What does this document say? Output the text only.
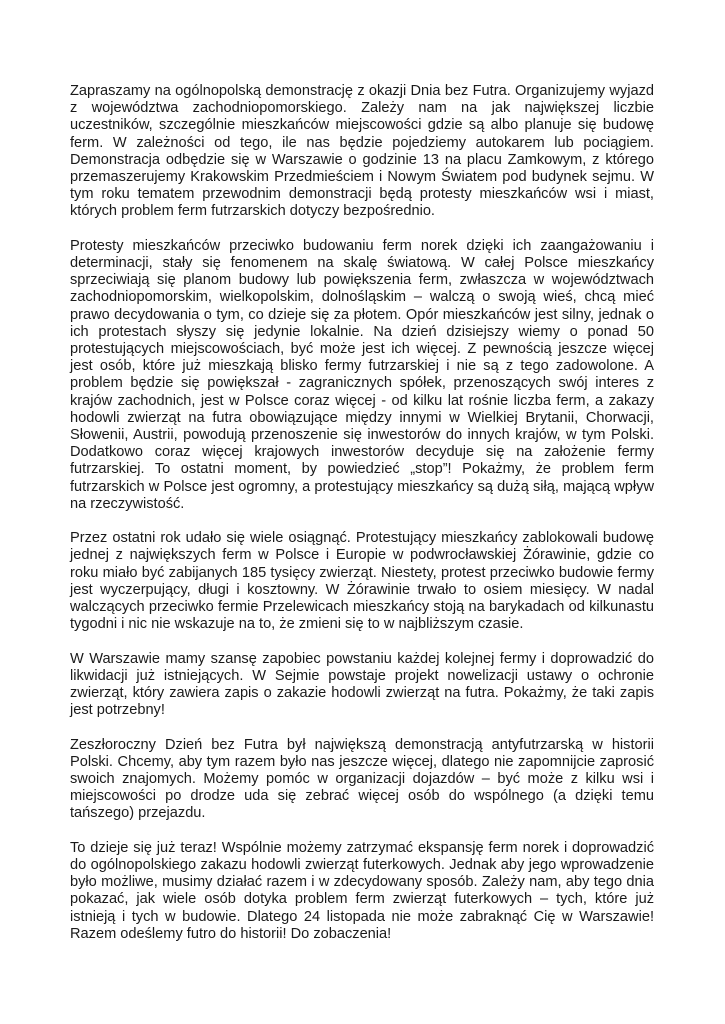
Zapraszamy na ogólnopolską demonstrację z okazji Dnia bez Futra. Organizujemy wyjazd z województwa zachodniopomorskiego. Zależy nam na jak największej liczbie uczestników, szczególnie mieszkańców miejscowości gdzie są albo planuje się budowę ferm. W zależności od tego, ile nas będzie pojedziemy autokarem lub pociągiem. Demonstracja odbędzie się w Warszawie o godzinie 13 na placu Zamkowym, z którego przemaszerujemy Krakowskim Przedmieściem i Nowym Światem pod budynek sejmu. W tym roku tematem przewodnim demonstracji będą protesty mieszkańców wsi i miast, których problem ferm futrzarskich dotyczy bezpośrednio.

Protesty mieszkańców przeciwko budowaniu ferm norek dzięki ich zaangażowaniu i determinacji, stały się fenomenem na skalę światową. W całej Polsce mieszkańcy sprzeciwiają się planom budowy lub powiększenia ferm, zwłaszcza w województwach zachodniopomorskim, wielkopolskim, dolnośląskim – walczą o swoją wieś, chcą mieć prawo decydowania o tym, co dzieje się za płotem. Opór mieszkańców jest silny, jednak o ich protestach słyszy się jedynie lokalnie. Na dzień dzisiejszy wiemy o ponad 50 protestujących miejscowościach, być może jest ich więcej. Z pewnością jeszcze więcej jest osób, które już mieszkają blisko fermy futrzarskiej i nie są z tego zadowolone. A problem będzie się powiększał - zagranicznych spółek, przenoszących swój interes z krajów zachodnich, jest w Polsce coraz więcej - od kilku lat rośnie liczba ferm, a zakazy hodowli zwierząt na futra obowiązujące między innymi w Wielkiej Brytanii, Chorwacji, Słowenii, Austrii, powodują przenoszenie się inwestorów do innych krajów, w tym Polski. Dodatkowo coraz więcej krajowych inwestorów decyduje się na założenie fermy futrzarskiej. To ostatni moment, by powiedzieć „stop”! Pokażmy, że problem ferm futrzarskich w Polsce jest ogromny, a protestujący mieszkańcy są dużą siłą, mającą wpływ na rzeczywistość.

Przez ostatni rok udało się wiele osiągnąć. Protestujący mieszkańcy zablokowali budowę jednej z największych ferm w Polsce i Europie w podwrocławskiej Żórawinie, gdzie co roku miało być zabijanych 185 tysięcy zwierząt. Niestety, protest przeciwko budowie fermy jest wyczerpujący, długi i kosztowny. W Żórawinie trwało to osiem miesięcy. W nadal walczących przeciwko fermie Przelewicach mieszkańcy stoją na barykadach od kilkunastu tygodni i nic nie wskazuje na to, że zmieni się to w najbliższym czasie.

W Warszawie mamy szansę zapobiec powstaniu każdej kolejnej fermy i doprowadzić do likwidacji już istniejących. W Sejmie powstaje projekt nowelizacji ustawy o ochronie zwierząt, który zawiera zapis o zakazie hodowli zwierząt na futra. Pokażmy, że taki zapis jest potrzebny!

Zeszłoroczny Dzień bez Futra był największą demonstracją antyfutrzarską w historii Polski. Chcemy, aby tym razem było nas jeszcze więcej, dlatego nie zapomnijcie zaprosić swoich znajomych. Możemy pomóc w organizacji dojazdów – być może z kilku wsi i miejscowości po drodze uda się zebrać więcej osób do wspólnego (a dzięki temu tańszego) przejazdu.

To dzieje się już teraz! Wspólnie możemy zatrzymać ekspansję ferm norek i doprowadzić do ogólnopolskiego zakazu hodowli zwierząt futerkowych. Jednak aby jego wprowadzenie było możliwe, musimy działać razem i w zdecydowany sposób. Zależy nam, aby tego dnia pokazać, jak wiele osób dotyka problem ferm zwierząt futerkowych – tych, które już istnieją i tych w budowie. Dlatego 24 listopada nie może zabraknąć Cię w Warszawie! Razem odeślemy futro do historii! Do zobaczenia!
